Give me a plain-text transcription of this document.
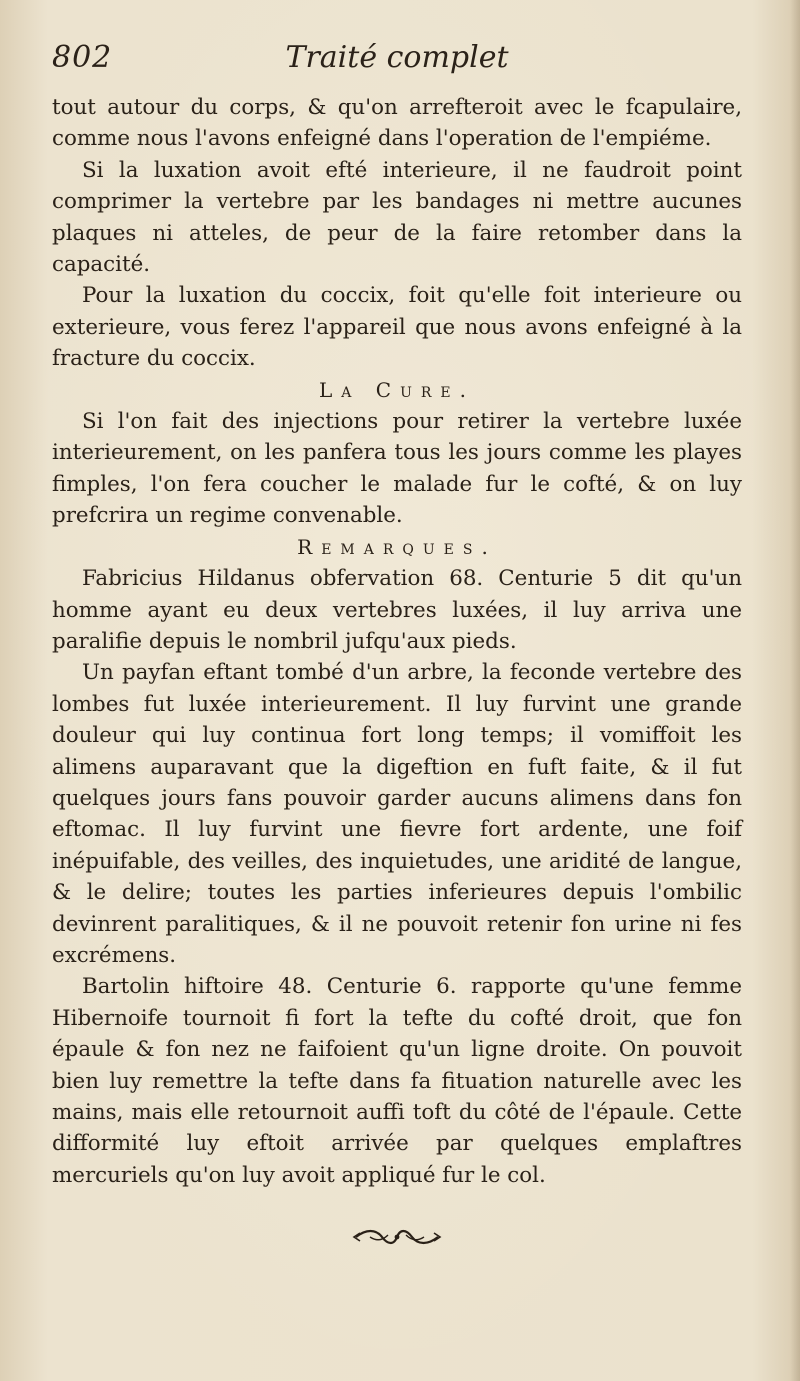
802	Traité complet

tout autour du corps, & qu'on arrefteroit avec le fcapulaire, comme nous l'avons enfeigné dans l'operation de l'empiéme.

Si la luxation avoit efté interieure, il ne faudroit point comprimer la vertebre par les bandages ni mettre aucunes plaques ni atteles, de peur de la faire retomber dans la capacité.

Pour la luxation du coccix, foit qu'elle foit interieure ou exterieure, vous ferez l'appareil que nous avons enfeigné à la fracture du coccix.

La Cure.

Si l'on fait des injections pour retirer la vertebre luxée interieurement, on les panfera tous les jours comme les playes fimples, l'on fera coucher le malade fur le cofté, & on luy prefcrira un regime convenable.

Remarques.

Fabricius Hildanus obfervation 68. Centurie 5 dit qu'un homme ayant eu deux vertebres luxées, il luy arriva une paralifie depuis le nombril jufqu'aux pieds.

Un payfan eftant tombé d'un arbre, la feconde vertebre des lombes fut luxée interieurement. Il luy furvint une grande douleur qui luy continua fort long temps; il vomiffoit les alimens auparavant que la digeftion en fuft faite, & il fut quelques jours fans pouvoir garder aucuns alimens dans fon eftomac. Il luy furvint une fievre fort ardente, une foif inépuifable, des veilles, des inquietudes, une aridité de langue, & le delire; toutes les parties inferieures depuis l'ombilic devinrent paralitiques, & il ne pouvoit retenir fon urine ni fes excrémens.

Bartolin hiftoire 48. Centurie 6. rapporte qu'une femme Hibernoife tournoit fi fort la tefte du cofté droit, que fon épaule & fon nez ne faifoient qu'un ligne droite. On pouvoit bien luy remettre la tefte dans fa fituation naturelle avec les mains, mais elle retournoit auffi toft du côté de l'épaule. Cette difformité luy eftoit arrivée par quelques emplaftres mercuriels qu'on luy avoit appliqué fur le col.
